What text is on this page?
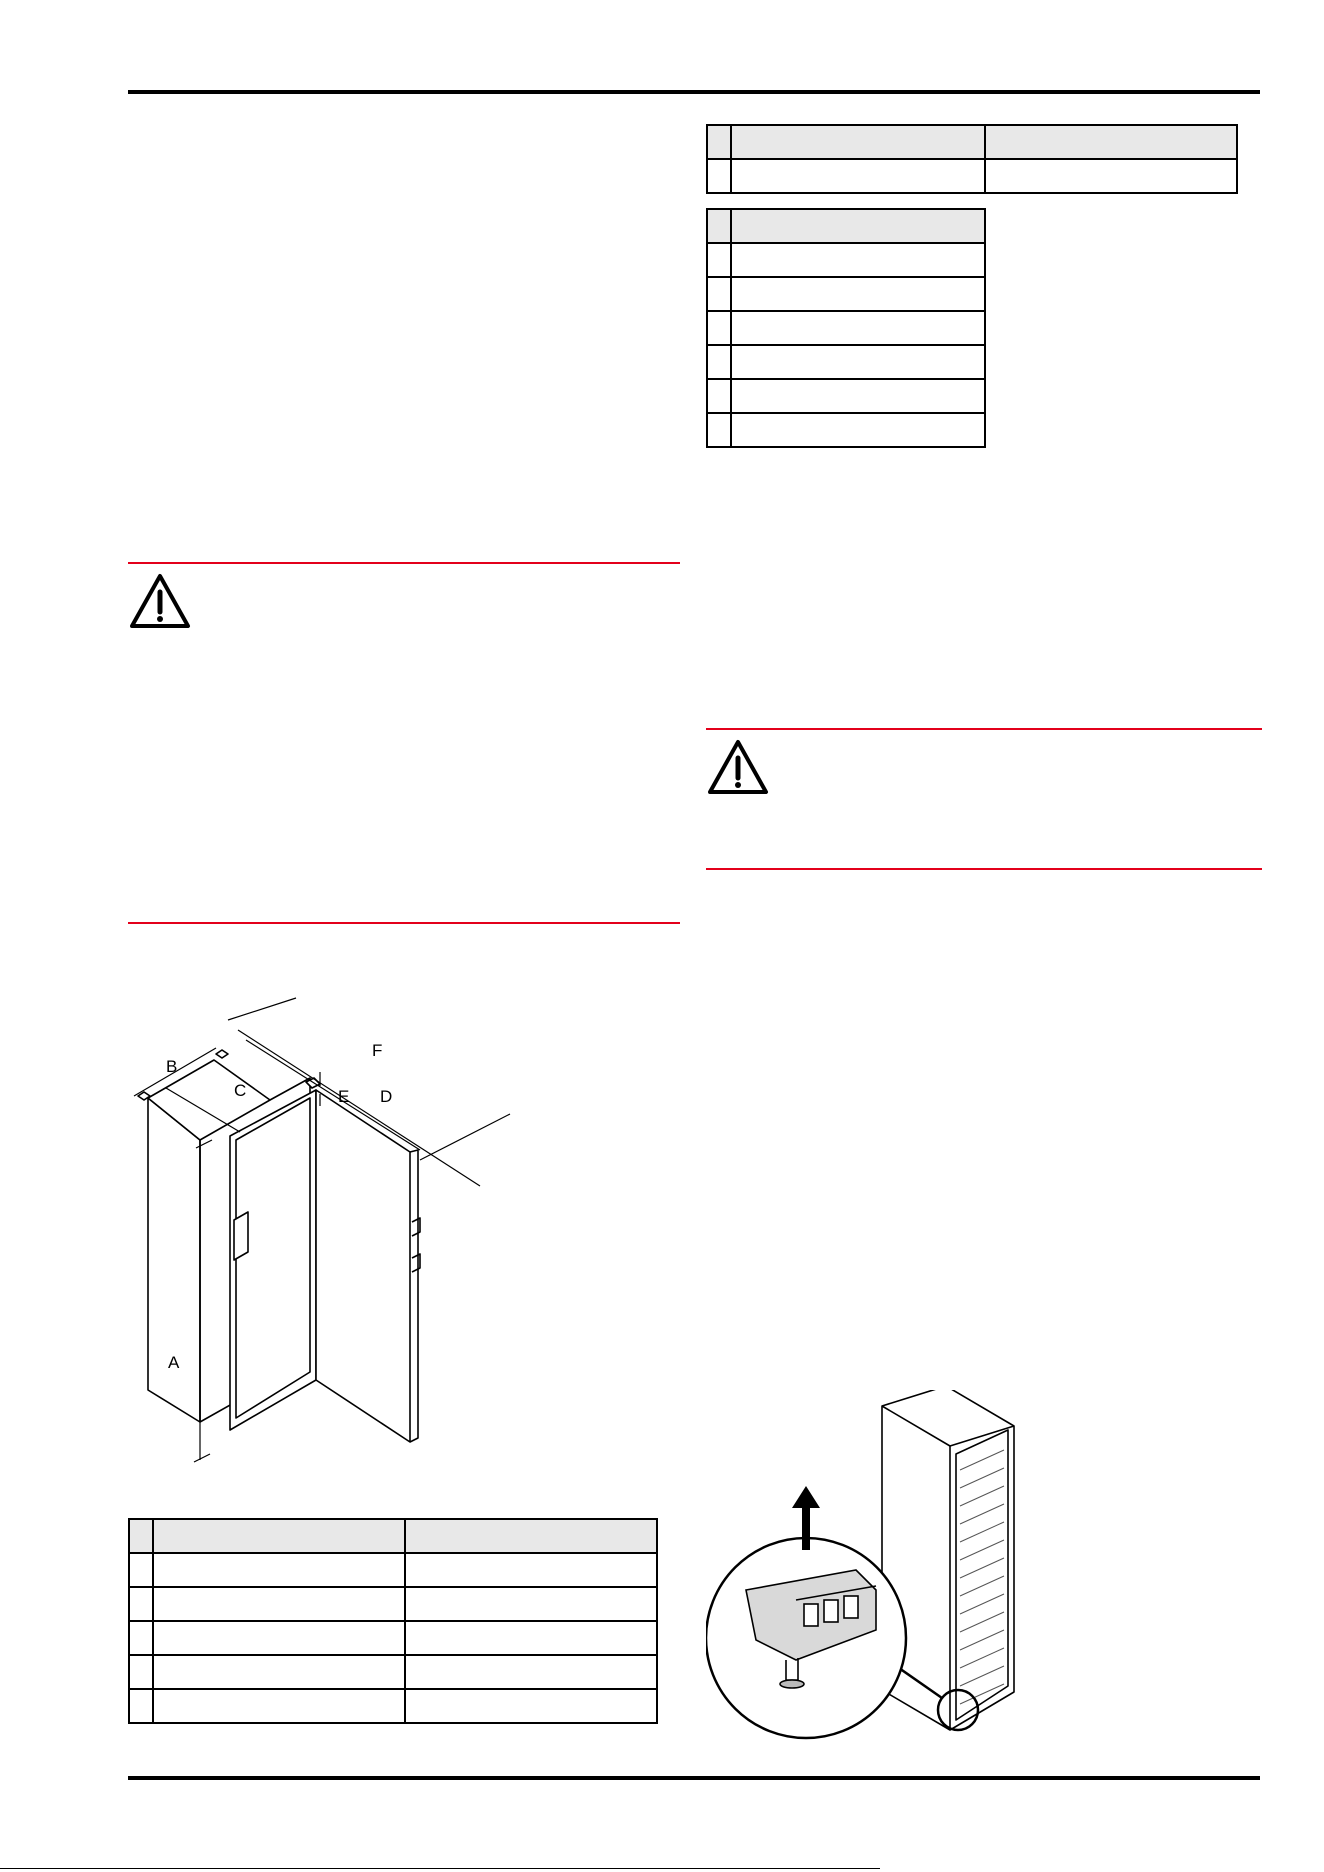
A
B
C	D
E
F
